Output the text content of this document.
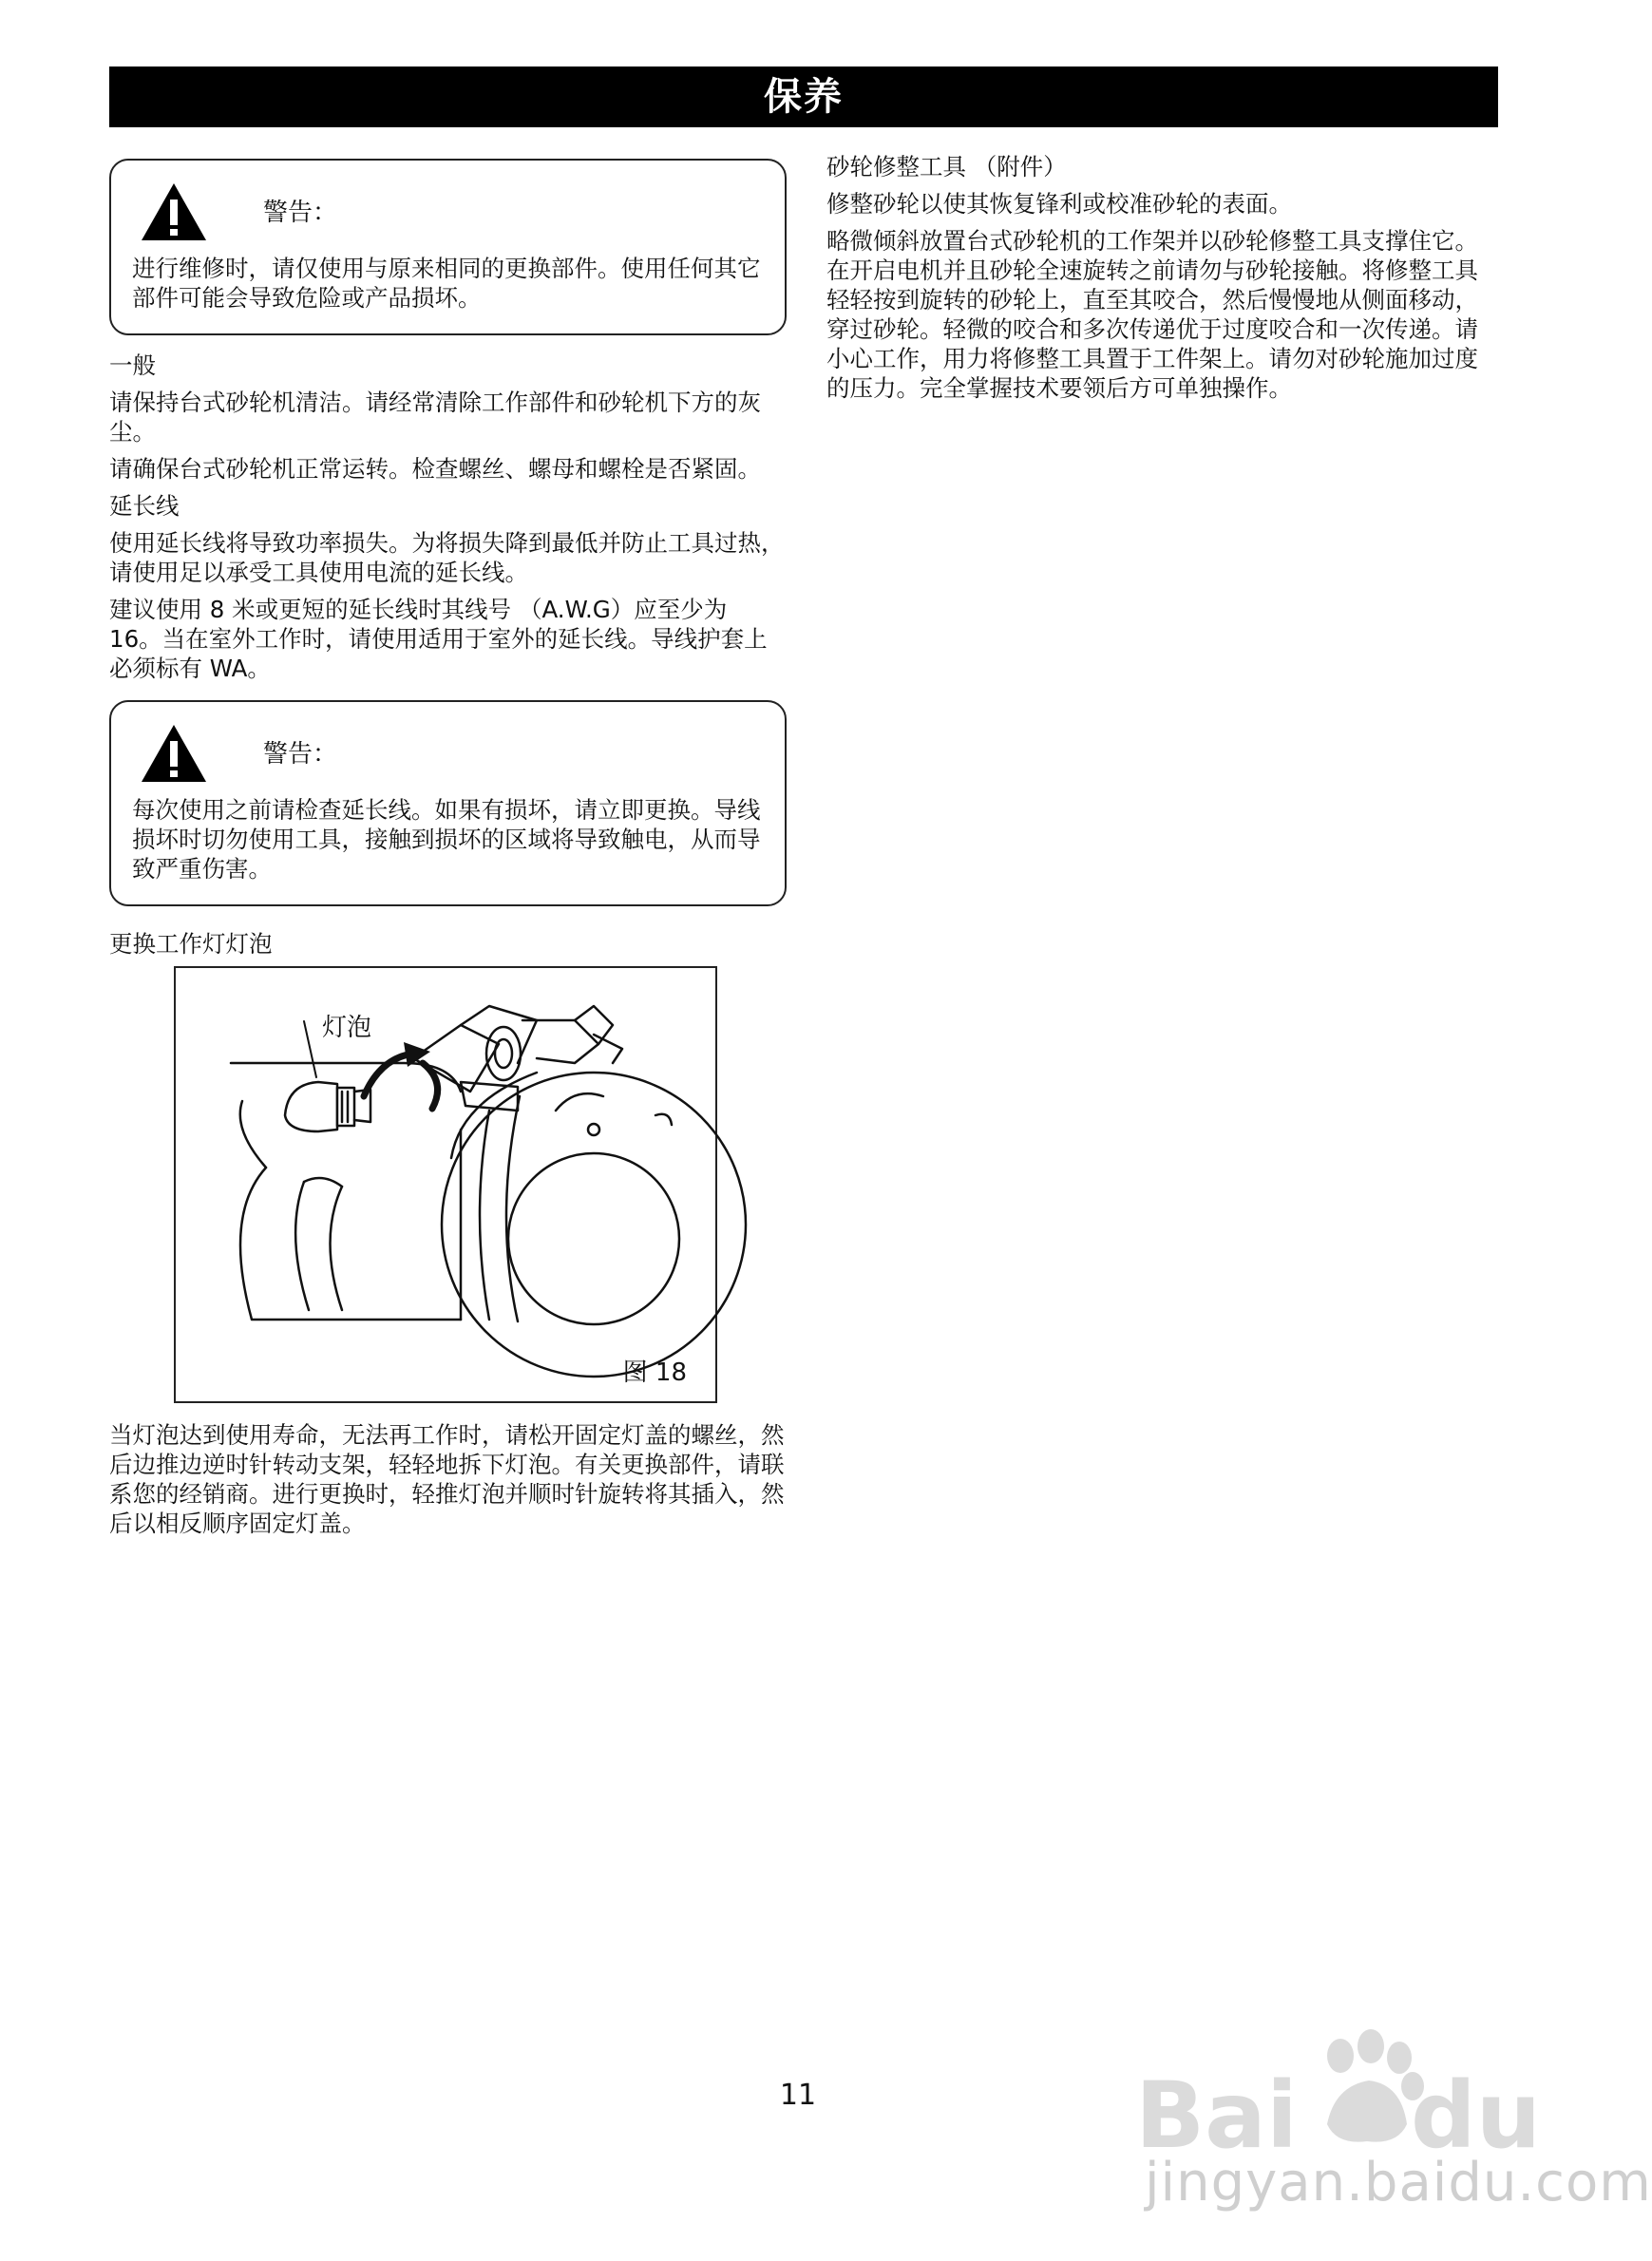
保养
警告：

进行维修时，请仅使用与原来相同的更换部件。使用任何其它部件可能会导致危险或产品损坏。

一般

请保持台式砂轮机清洁。请经常清除工作部件和砂轮机下方的灰尘。

请确保台式砂轮机正常运转。检查螺丝、螺母和螺栓是否紧固。

延长线

使用延长线将导致功率损失。为将损失降到最低并防止工具过热，请使用足以承受工具使用电流的延长线。

建议使用 8 米或更短的延长线时其线号 （A.W.G）应至少为 16。当在室外工作时，请使用适用于室外的延长线。导线护套上必须标有 WA。

警告：

每次使用之前请检查延长线。如果有损坏，请立即更换。导线损坏时切勿使用工具，接触到损坏的区域将导致触电，从而导致严重伤害。

更换工作灯灯泡

灯泡
图 18

当灯泡达到使用寿命，无法再工作时，请松开固定灯盖的螺丝，然后边推边逆时针转动支架，轻轻地拆下灯泡。有关更换部件，请联系您的经销商。进行更换时，轻推灯泡并顺时针旋转将其插入，然后以相反顺序固定灯盖。

砂轮修整工具 （附件）

修整砂轮以使其恢复锋利或校准砂轮的表面。

略微倾斜放置台式砂轮机的工作架并以砂轮修整工具支撑住它。在开启电机并且砂轮全速旋转之前请勿与砂轮接触。将修整工具轻轻按到旋转的砂轮上，直至其咬合，然后慢慢地从侧面移动，穿过砂轮。轻微的咬合和多次传递优于过度咬合和一次传递。请小心工作，用力将修整工具置于工件架上。请勿对砂轮施加过度的压力。完全掌握技术要领后方可单独操作。

11	Bai du
jingyan.baidu.com
